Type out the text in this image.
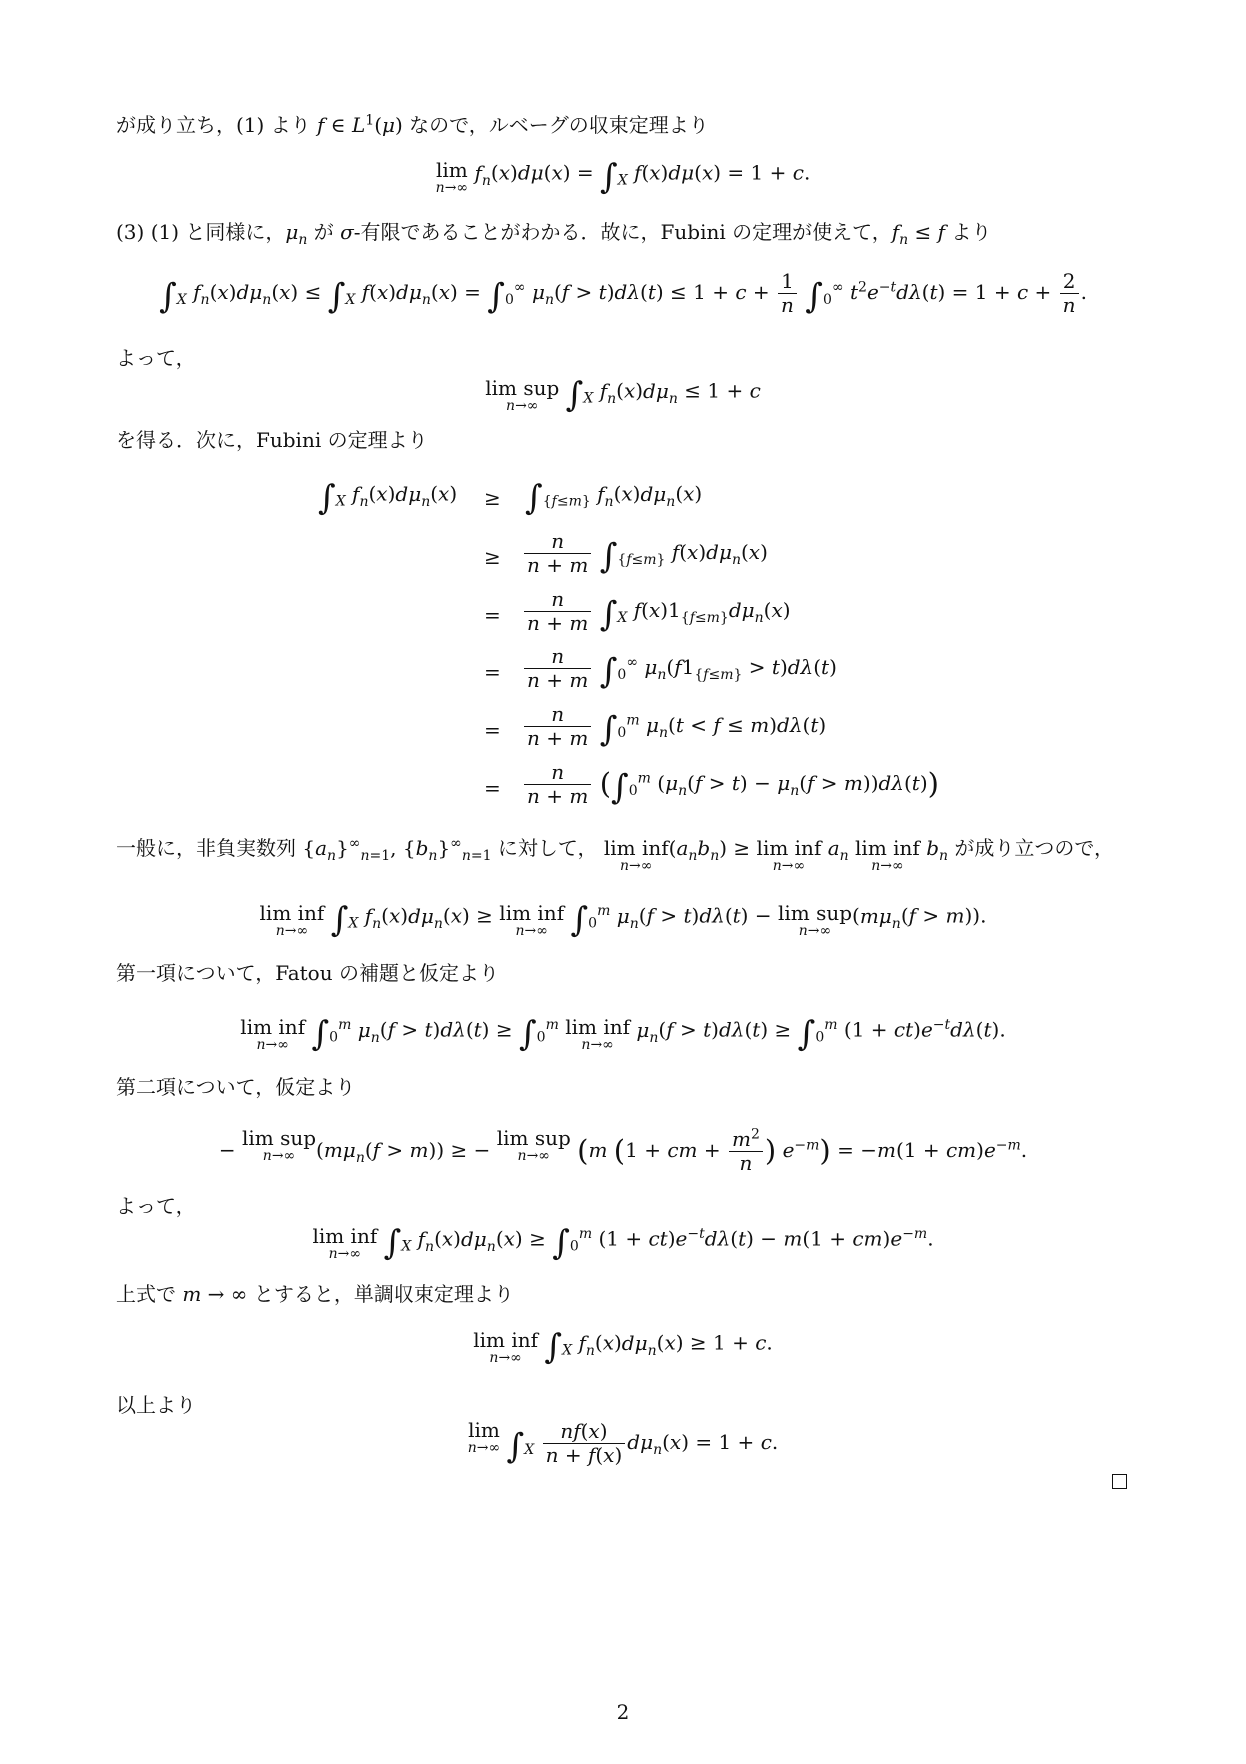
が成り立ち，(1) より f ∈ $L^1(\mu)$ なので，ルベーグの収束定理より
lim
n→∞
$f_n(x)d\mu(x) = \int_X$ f(x)dμ(x) = 1 + c.
(3) (1) と同様に，$\mu_n$ が σ-有限であることがわかる．故に，Fubini の定理が使えて，$f_n \le f$ より
$\int_X$ $f_n(x)d\mu_n(x) \le \int_X$ $f(x)d\mu_n(x) = \int_0^\infty$ $\mu_n(f > t)d\lambda(t) \le 1 + c + \frac{1}{n} \int_0^\infty$ $t^2e^{-t}d\lambda(t) = 1 + c + \frac{2}{n}$ .
よって，
lim sup
n→∞ $\int_X$ $f_n(x)d\mu_n \le 1 + c$
を得る．次に，Fubini の定理より
$\int_X$ $f_n(x)d\mu_n(x) \ge \int_{\{f\le m\}}$ $f_n(x)d\mu_n(x)$
≥ $\frac{n}{n + m} \int_{\{f\le m\}}$ $f(x)d\mu_n(x)$
= $\frac{n}{n + m} \int_X$ $f(x)1_{\{f\le m\}}d\mu_n(x)$
= $\frac{n}{n + m} \int_0^\infty$ $\mu_n(f1_{\{f\le m\}} > t)d\lambda(t)$
= $\frac{n}{n + m} \int_0^m$ $\mu_n(t < f \le m)d\lambda(t)$
= $\frac{n}{n + m} (\int_0^m$ $(\mu_n(f > t) - \mu_n(f > m))d\lambda(t)$)
一般に，非負実数列 $\{a_n\}^\infty_{n=1}$, $\{b_n\}^\infty_{n=1}$ に対して， lim inf
n→∞
$(a_nb_n) \ge \lim$ inf
n→∞
$a_n$ lim inf
n→∞
$b_n$ が成り立つので，
lim inf
n→∞ $\int_X$ $f_n(x)d\mu_n(x) \ge \lim$ inf
n→∞ $\int_0^m$ $\mu_n(f > t)d\lambda(t) - \lim$ sup
n→∞
$(m\mu_n(f > m))$.
第一項について，Fatou の補題と仮定より
lim inf
n→∞ $\int_0^m$ $\mu_n(f > t)d\lambda(t) \ge \int_0^m$ lim inf
n→∞
$\mu_n(f > t)d\lambda(t) \ge \int_0^m$ $(1 + ct)e^{-t}d\lambda(t)$.
第二項について，仮定より
− lim sup
n→∞	$(m\mu_n(f > m))$ ≥ − lim sup
n→∞ (m (1 + cm + $\frac{m^2}{n}$ ) $e^{-m}) = -m(1 + cm)e^{-m}$.
よって，
lim inf
n→∞ $\int_X$ $f_n(x)d\mu_n(x) \ge \int_0^m$ $(1 + ct)e^{-t}d\lambda(t) - m(1 + cm)e^{-m}$.
上式で m → ∞ とすると，単調収束定理より
lim inf
n→∞ $\int_X$ $f_n(x)d\mu_n(x) \ge 1 + c$.
以上より
lim
n→∞ $\int_X \frac{nf(x)}{n + f(x)} d\mu_n(x) = 1 + c$.
2
